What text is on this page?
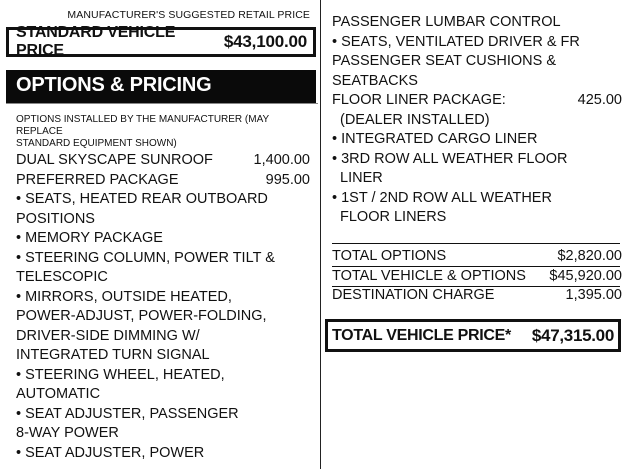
MANUFACTURER'S SUGGESTED RETAIL PRICE
STANDARD VEHICLE PRICE	$43,100.00
OPTIONS & PRICING
OPTIONS INSTALLED BY THE MANUFACTURER (MAY REPLACE
STANDARD EQUIPMENT SHOWN)
DUAL SKYSCAPE SUNROOF	1,400.00
PREFERRED PACKAGE	995.00
• SEATS, HEATED REAR OUTBOARD
POSITIONS
• MEMORY PACKAGE
• STEERING COLUMN, POWER TILT &
TELESCOPIC
• MIRRORS, OUTSIDE HEATED,
POWER-ADJUST, POWER-FOLDING,
DRIVER-SIDE DIMMING W/
INTEGRATED TURN SIGNAL
• STEERING WHEEL, HEATED,
AUTOMATIC
• SEAT ADJUSTER, PASSENGER
8-WAY POWER
• SEAT ADJUSTER, POWER
PASSENGER LUMBAR CONTROL
• SEATS, VENTILATED DRIVER & FR
PASSENGER SEAT CUSHIONS &
SEATBACKS
FLOOR LINER PACKAGE:	425.00
(DEALER INSTALLED)
• INTEGRATED CARGO LINER
• 3RD ROW ALL WEATHER FLOOR
LINER
• 1ST / 2ND ROW ALL WEATHER
FLOOR LINERS
TOTAL OPTIONS	$2,820.00
TOTAL VEHICLE & OPTIONS $45,920.00
DESTINATION CHARGE	1,395.00
TOTAL VEHICLE PRICE* $47,315.00
